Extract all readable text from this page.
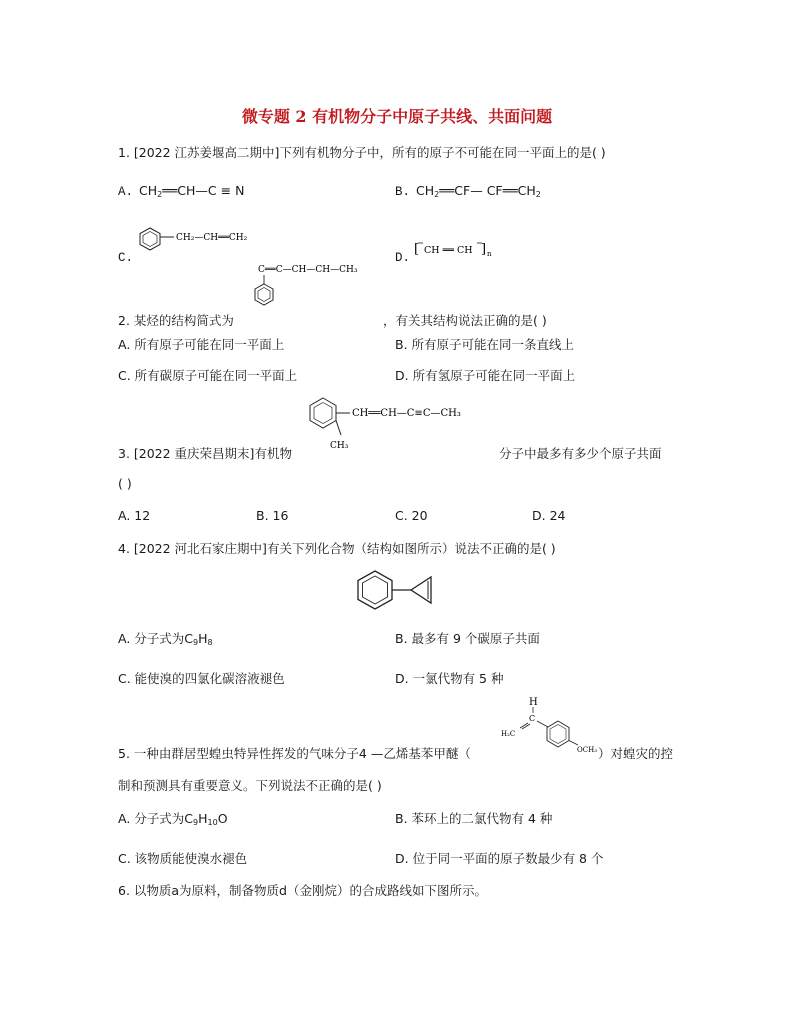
微专题 2 有机物分子中原子共线、共面问题
1. [2022 江苏姜堰高二期中]下列有机物分子中，所有的原子不可能在同一平面上的是( )
A. $CH_2══CH—C \equiv N$	B. $CH_2══CF—$ $CF══CH_2$
C.
CH₂—CH══CH₂
D.
[ CH ══ CH ] n
C══C—CH—CH—CH₃
2. 某烃的结构简式为	，有关其结构说法正确的是( )
A. 所有原子可能在同一平面上	B. 所有原子可能在同一条直线上
C. 所有碳原子可能在同一平面上	D. 所有氢原子可能在同一平面上
CH══CH—C≡C—CH₃
CH₃
3. [2022 重庆荣昌期末]有机物	分子中最多有多少个原子共面
( )
A. 12	B. 16	C. 20	D. 24
4. [2022 河北石家庄期中]有关下列化合物（结构如图所示）说法不正确的是( )
A. 分子式为$C_9H_8$	B. 最多有 9 个碳原子共面
C. 能使溴的四氯化碳溶液褪色	D. 一氯代物有 5 种
H
C
H₂C
OCH₃
5. 一种由群居型蝗虫特异性挥发的气味分子4 —乙烯基苯甲醚（	）对蝗灾的控
制和预测具有重要意义。下列说法不正确的是( )
A. 分子式为$C_9H_{10}O$	B. 苯环上的二氯代物有 4 种
C. 该物质能使溴水褪色	D. 位于同一平面的原子数最少有 8 个
6. 以物质a为原料，制备物质d（金刚烷）的合成路线如下图所示。
